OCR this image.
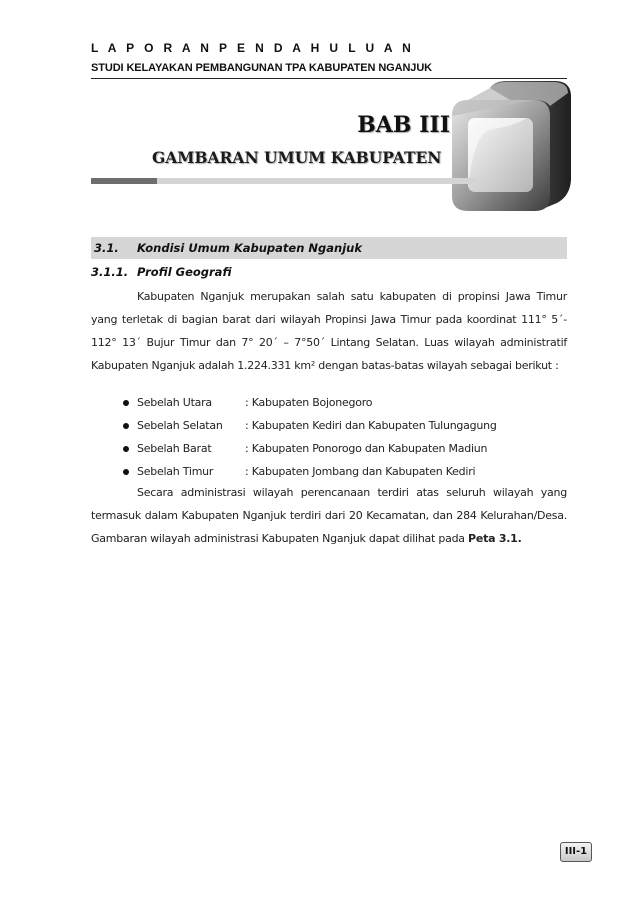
L A P O R A N P E N D A H U L U A N
STUDI KELAYAKAN PEMBANGUNAN TPA KABUPATEN NGANJUK
BAB III
GAMBARAN UMUM KABUPATEN
3.1. Kondisi Umum Kabupaten Nganjuk
3.1.1. Profil Geografi
Kabupaten Nganjuk merupakan salah satu kabupaten di propinsi Jawa Timur yang terletak di bagian barat dari wilayah Propinsi Jawa Timur pada koordinat 111° 5´- 112° 13´ Bujur Timur dan 7° 20´ – 7°50´ Lintang Selatan. Luas wilayah administratif Kabupaten Nganjuk adalah 1.224.331 km² dengan batas-batas wilayah sebagai berikut :
Sebelah Utara	: Kabupaten Bojonegoro
Sebelah Selatan : Kabupaten Kediri dan Kabupaten Tulungagung
Sebelah Barat	: Kabupaten Ponorogo dan Kabupaten Madiun
Sebelah Timur	: Kabupaten Jombang dan Kabupaten Kediri
Secara administrasi wilayah perencanaan terdiri atas seluruh wilayah yang termasuk dalam Kabupaten Nganjuk terdiri dari 20 Kecamatan, dan 284 Kelurahan/Desa. Gambaran wilayah administrasi Kabupaten Nganjuk dapat dilihat pada Peta 3.1.
III-1
